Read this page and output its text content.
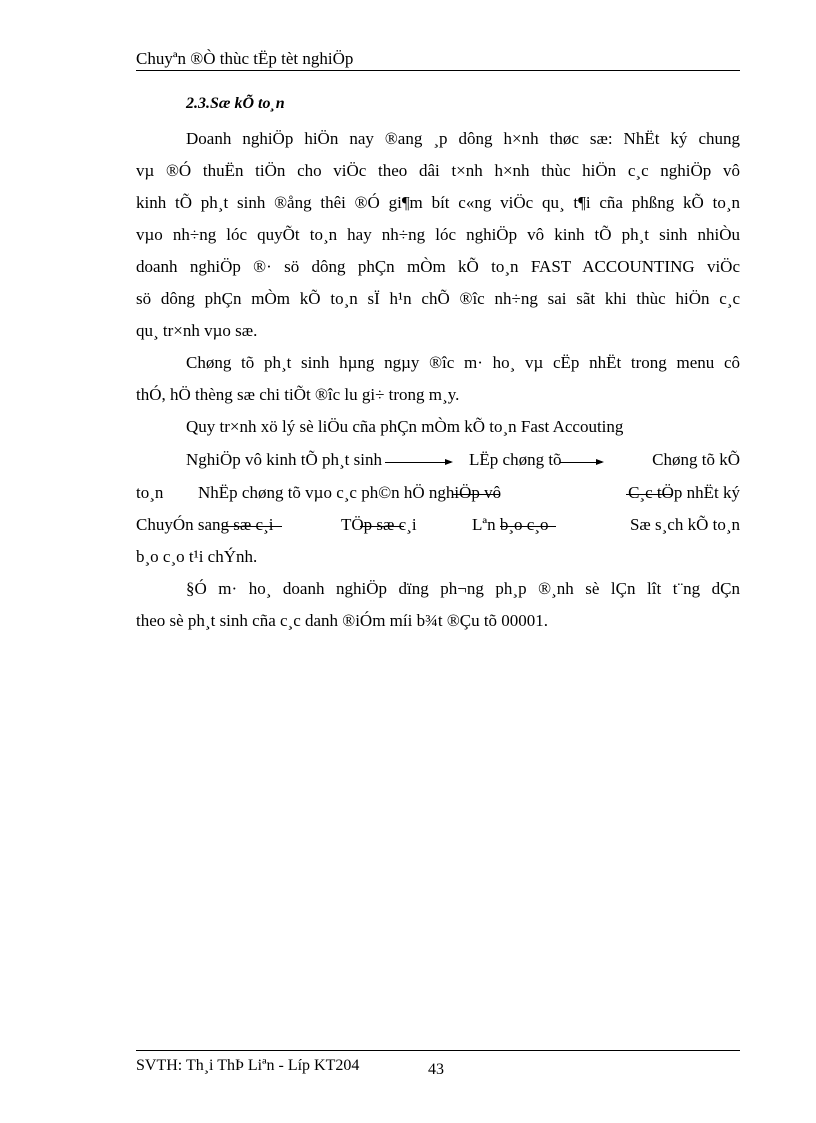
Chuyªn ®Ò thùc tËp tèt nghiÖp
2.3.Sæ kÕ to¸n
Doanh nghiÖp hiÖn nay ®ang ¸p dông h×nh thøc sæ: NhËt ký chung
vµ ®Ó thuËn tiÖn cho viÖc theo dâi t×nh h×nh thùc hiÖn c¸c nghiÖp vô
kinh tÕ ph¸t sinh ®ång thêi ®Ó gi¶m bít c«ng viÖc qu¸ t¶i cña phßng kÕ to¸n
vµo nh÷ng lóc quyÕt to¸n hay nh÷ng lóc nghiÖp vô kinh tÕ ph¸t sinh nhiÒu
doanh nghiÖp ®· sö dông phÇn mÒm kÕ to¸n FAST ACCOUNTING viÖc
sö dông phÇn mÒm kÕ to¸n sÏ h¹n chÕ ®îc nh÷ng sai sãt khi thùc hiÖn c¸c
qu¸ tr×nh vµo sæ.
Chøng tõ ph¸t sinh hµng ngµy ®îc m· ho¸ vµ cËp nhËt trong menu cô
thÓ, hÖ thèng sæ chi tiÕt ®îc lu gi÷ trong m¸y.
Quy tr×nh xö lý sè liÖu cña phÇn mÒm kÕ to¸n Fast Accouting
NghiÖp vô kinh tÕ ph¸t sinh	LËp chøng tõ	Chøng tõ kÕ
to¸n NhËp chøng tõ vµo c¸c ph©n hÖ nghiÖp vô	C¸c tÖp nhËt ký
ChuyÓn sang sæ c¸i	TÖp sæ c¸i	Lªn b¸o c¸o	Sæ s¸ch kÕ to¸n
b¸o c¸o t¹i chÝnh.
§Ó m· ho¸ doanh nghiÖp dïng ph¬ng ph¸p ®¸nh sè lÇn lît t¨ng dÇn
theo sè ph¸t sinh cña c¸c danh ®iÓm míi b¾t ®Çu tõ 00001.
SVTH: Th¸i ThÞ Liªn - Líp KT204	43
